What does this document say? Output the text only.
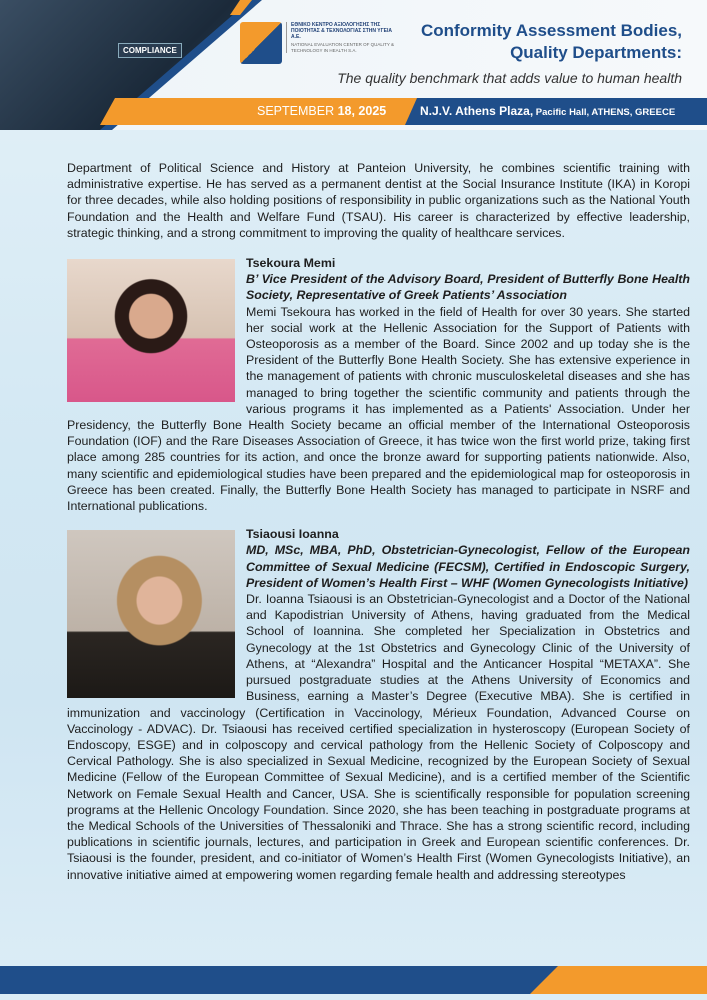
COMPLIANCE
ΕΘΝΙΚΟ ΚΕΝΤΡΟ ΑΞΙΟΛΟΓΗΣΗΣ ΤΗΣ ΠΟΙΟΤΗΤΑΣ & ΤΕΧΝΟΛΟΓΙΑΣ ΣΤΗΝ ΥΓΕΙΑ Α.Ε.
NATIONAL EVALUATION CENTER OF QUALITY & TECHNOLOGY IN HEALTH S.A.
Conformity Assessment Bodies,
Quality Departments:
The quality benchmark that adds value to human health
SEPTEMBER 18, 2025	N.J.V. Athens Plaza, Pacific Hall, ATHENS, GREECE

Department of Political Science and History at Panteion University, he combines scientific training with administrative expertise. He has served as a permanent dentist at the Social Insurance Institute (IKA) in Koropi for three decades, while also holding positions of responsibility in public organizations such as the National Youth Foundation and the Health and Welfare Fund (TSAU). His career is characterized by effective leadership, strategic thinking, and a strong commitment to improving the quality of healthcare services.

Tsekoura Memi
B’ Vice President of the Advisory Board, President of Butterfly Bone Health Society, Representative of Greek Patients’ Association

Memi Tsekoura has worked in the field of Health for over 30 years. She started her social work at the Hellenic Association for the Support of Patients with Osteoporosis as a member of the Board. Since 2002 and up today she is the President of the Butterfly Bone Health Society. She has extensive experience in the management of patients with chronic musculoskeletal diseases and she has managed to bring together the scientific community and patients through the various programs it has implemented as a Patients' Association. Under her Presidency, the Butterfly Bone Health Society became an official member of the International Osteoporosis Foundation (IOF) and the Rare Diseases Association of Greece, it has twice won the first world prize, taking first place among 285 countries for its action, and once the bronze award for supporting patients nationwide. Also, many scientific and epidemiological studies have been prepared and the epidemiological map for osteoporosis in Greece has been created. Finally, the Butterfly Bone Health Society has managed to participate in NSRF and International publications.

Tsiaousi Ioanna
MD, MSc, MBA, PhD, Obstetrician-Gynecologist, Fellow of the European Committee of Sexual Medicine (FECSM), Certified in Endoscopic Surgery, President of Women’s Health First – WHF (Women Gynecologists Initiative)

Dr. Ioanna Tsiaousi is an Obstetrician-Gynecologist and a Doctor of the National and Kapodistrian University of Athens, having graduated from the Medical School of Ioannina. She completed her Specialization in Obstetrics and Gynecology at the 1st Obstetrics and Gynecology Clinic of the University of Athens, at “Alexandra” Hospital and the Anticancer Hospital “METAXA”. She pursued postgraduate studies at the Athens University of Economics and Business, earning a Master’s Degree (Executive MBA). She is certified in immunization and vaccinology (Certification in Vaccinology, Mérieux Foundation, Advanced Course on Vaccinology - ADVAC). Dr. Tsiaousi has received certified specialization in hysteroscopy (European Society of Endoscopy, ESGE) and in colposcopy and cervical pathology from the Hellenic Society of Colposcopy and Cervical Pathology. She is also specialized in Sexual Medicine, recognized by the European Society of Sexual Medicine (Fellow of the European Committee of Sexual Medicine), and is a certified member of the Scientific Network on Female Sexual Health and Cancer, USA. She is scientifically responsible for population screening programs at the Hellenic Oncology Foundation. Since 2020, she has been teaching in postgraduate programs at the Medical Schools of the Universities of Thessaloniki and Thrace. She has a strong scientific record, including publications in scientific journals, lectures, and participation in Greek and European scientific conferences. Dr. Tsiaousi is the founder, president, and co-initiator of Women’s Health First (Women Gynecologists Initiative), an innovative initiative aimed at empowering women regarding female health and addressing stereotypes
